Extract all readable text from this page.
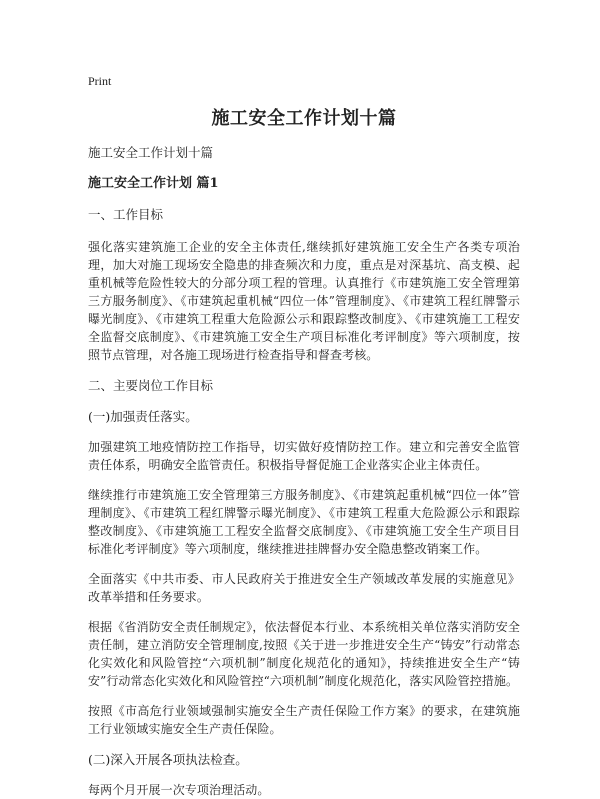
Print
施工安全工作计划十篇
施工安全工作计划十篇
施工安全工作计划 篇1
一、工作目标

强化落实建筑施工企业的安全主体责任,继续抓好建筑施工安全生产各类专项治理，加大对施工现场安全隐患的排查频次和力度，重点是对深基坑、高支模、起重机械等危险性较大的分部分项工程的管理。认真推行《市建筑施工安全管理第三方服务制度》、《市建筑起重机械“四位一体”管理制度》、《市建筑工程红牌警示曝光制度》、《市建筑工程重大危险源公示和跟踪整改制度》、《市建筑施工工程安全监督交底制度》、《市建筑施工安全生产项目标准化考评制度》等六项制度，按照节点管理，对各施工现场进行检查指导和督查考核。

二、主要岗位工作目标
(一)加强责任落实。

加强建筑工地疫情防控工作指导，切实做好疫情防控工作。建立和完善安全监管责任体系，明确安全监管责任。积极指导督促施工企业落实企业主体责任。

继续推行市建筑施工安全管理第三方服务制度》、《市建筑起重机械“四位一体”管理制度》、《市建筑工程红牌警示曝光制度》、《市建筑工程重大危险源公示和跟踪整改制度》、《市建筑施工工程安全监督交底制度》、《市建筑施工安全生产项目目标准化考评制度》等六项制度，继续推进挂牌督办安全隐患整改销案工作。

全面落实《中共市委、市人民政府关于推进安全生产领域改革发展的实施意见》改革举措和任务要求。

根据《省消防安全责任制规定》，依法督促本行业、本系统相关单位落实消防安全责任制，建立消防安全管理制度,按照《关于进一步推进安全生产“铸安”行动常态化实效化和风险管控“六项机制”制度化规范化的通知》，持续推进安全生产“铸安”行动常态化实效化和风险管控“六项机制”制度化规范化，落实风险管控措施。

按照《市高危行业领域强制实施安全生产责任保险工作方案》的要求，在建筑施工行业领域实施安全生产责任保险。

(二)深入开展各项执法检查。

每两个月开展一次专项治理活动。
